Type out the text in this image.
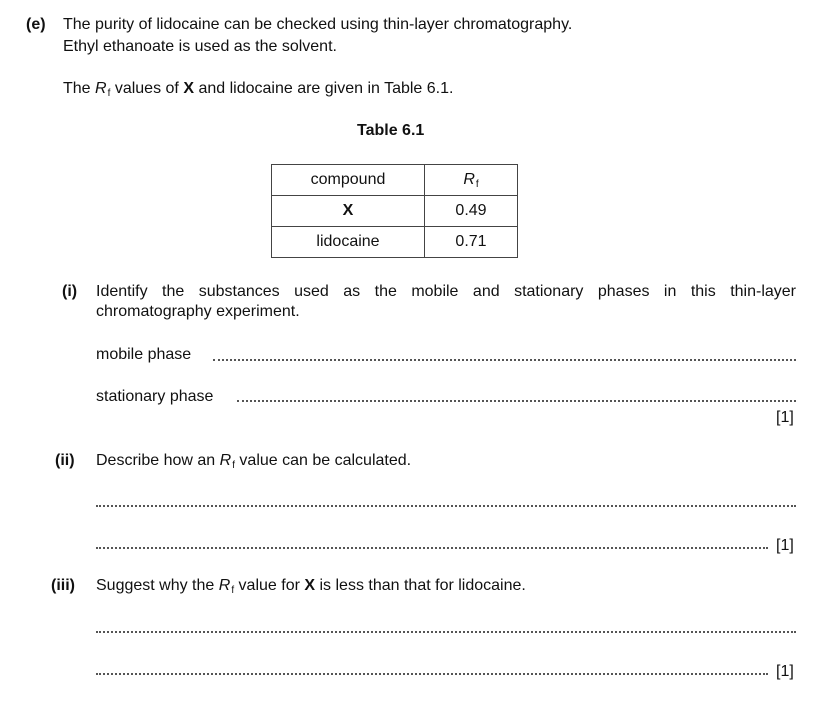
(e) The purity of lidocaine can be checked using thin-layer chromatography.
Ethyl ethanoate is used as the solvent.
The $R_f$ values of X and lidocaine are given in Table 6.1.
Table 6.1
compound	$R_f$
X	0.49
lidocaine	0.71
(i) Identify the substances used as the mobile and stationary phases in this thin-layer
chromatography experiment.
mobile phase
stationary phase
[1]
(ii) Describe how an $R_f$ value can be calculated.
[1]
(iii) Suggest why the $R_f$ value for X is less than that for lidocaine.
[1]
